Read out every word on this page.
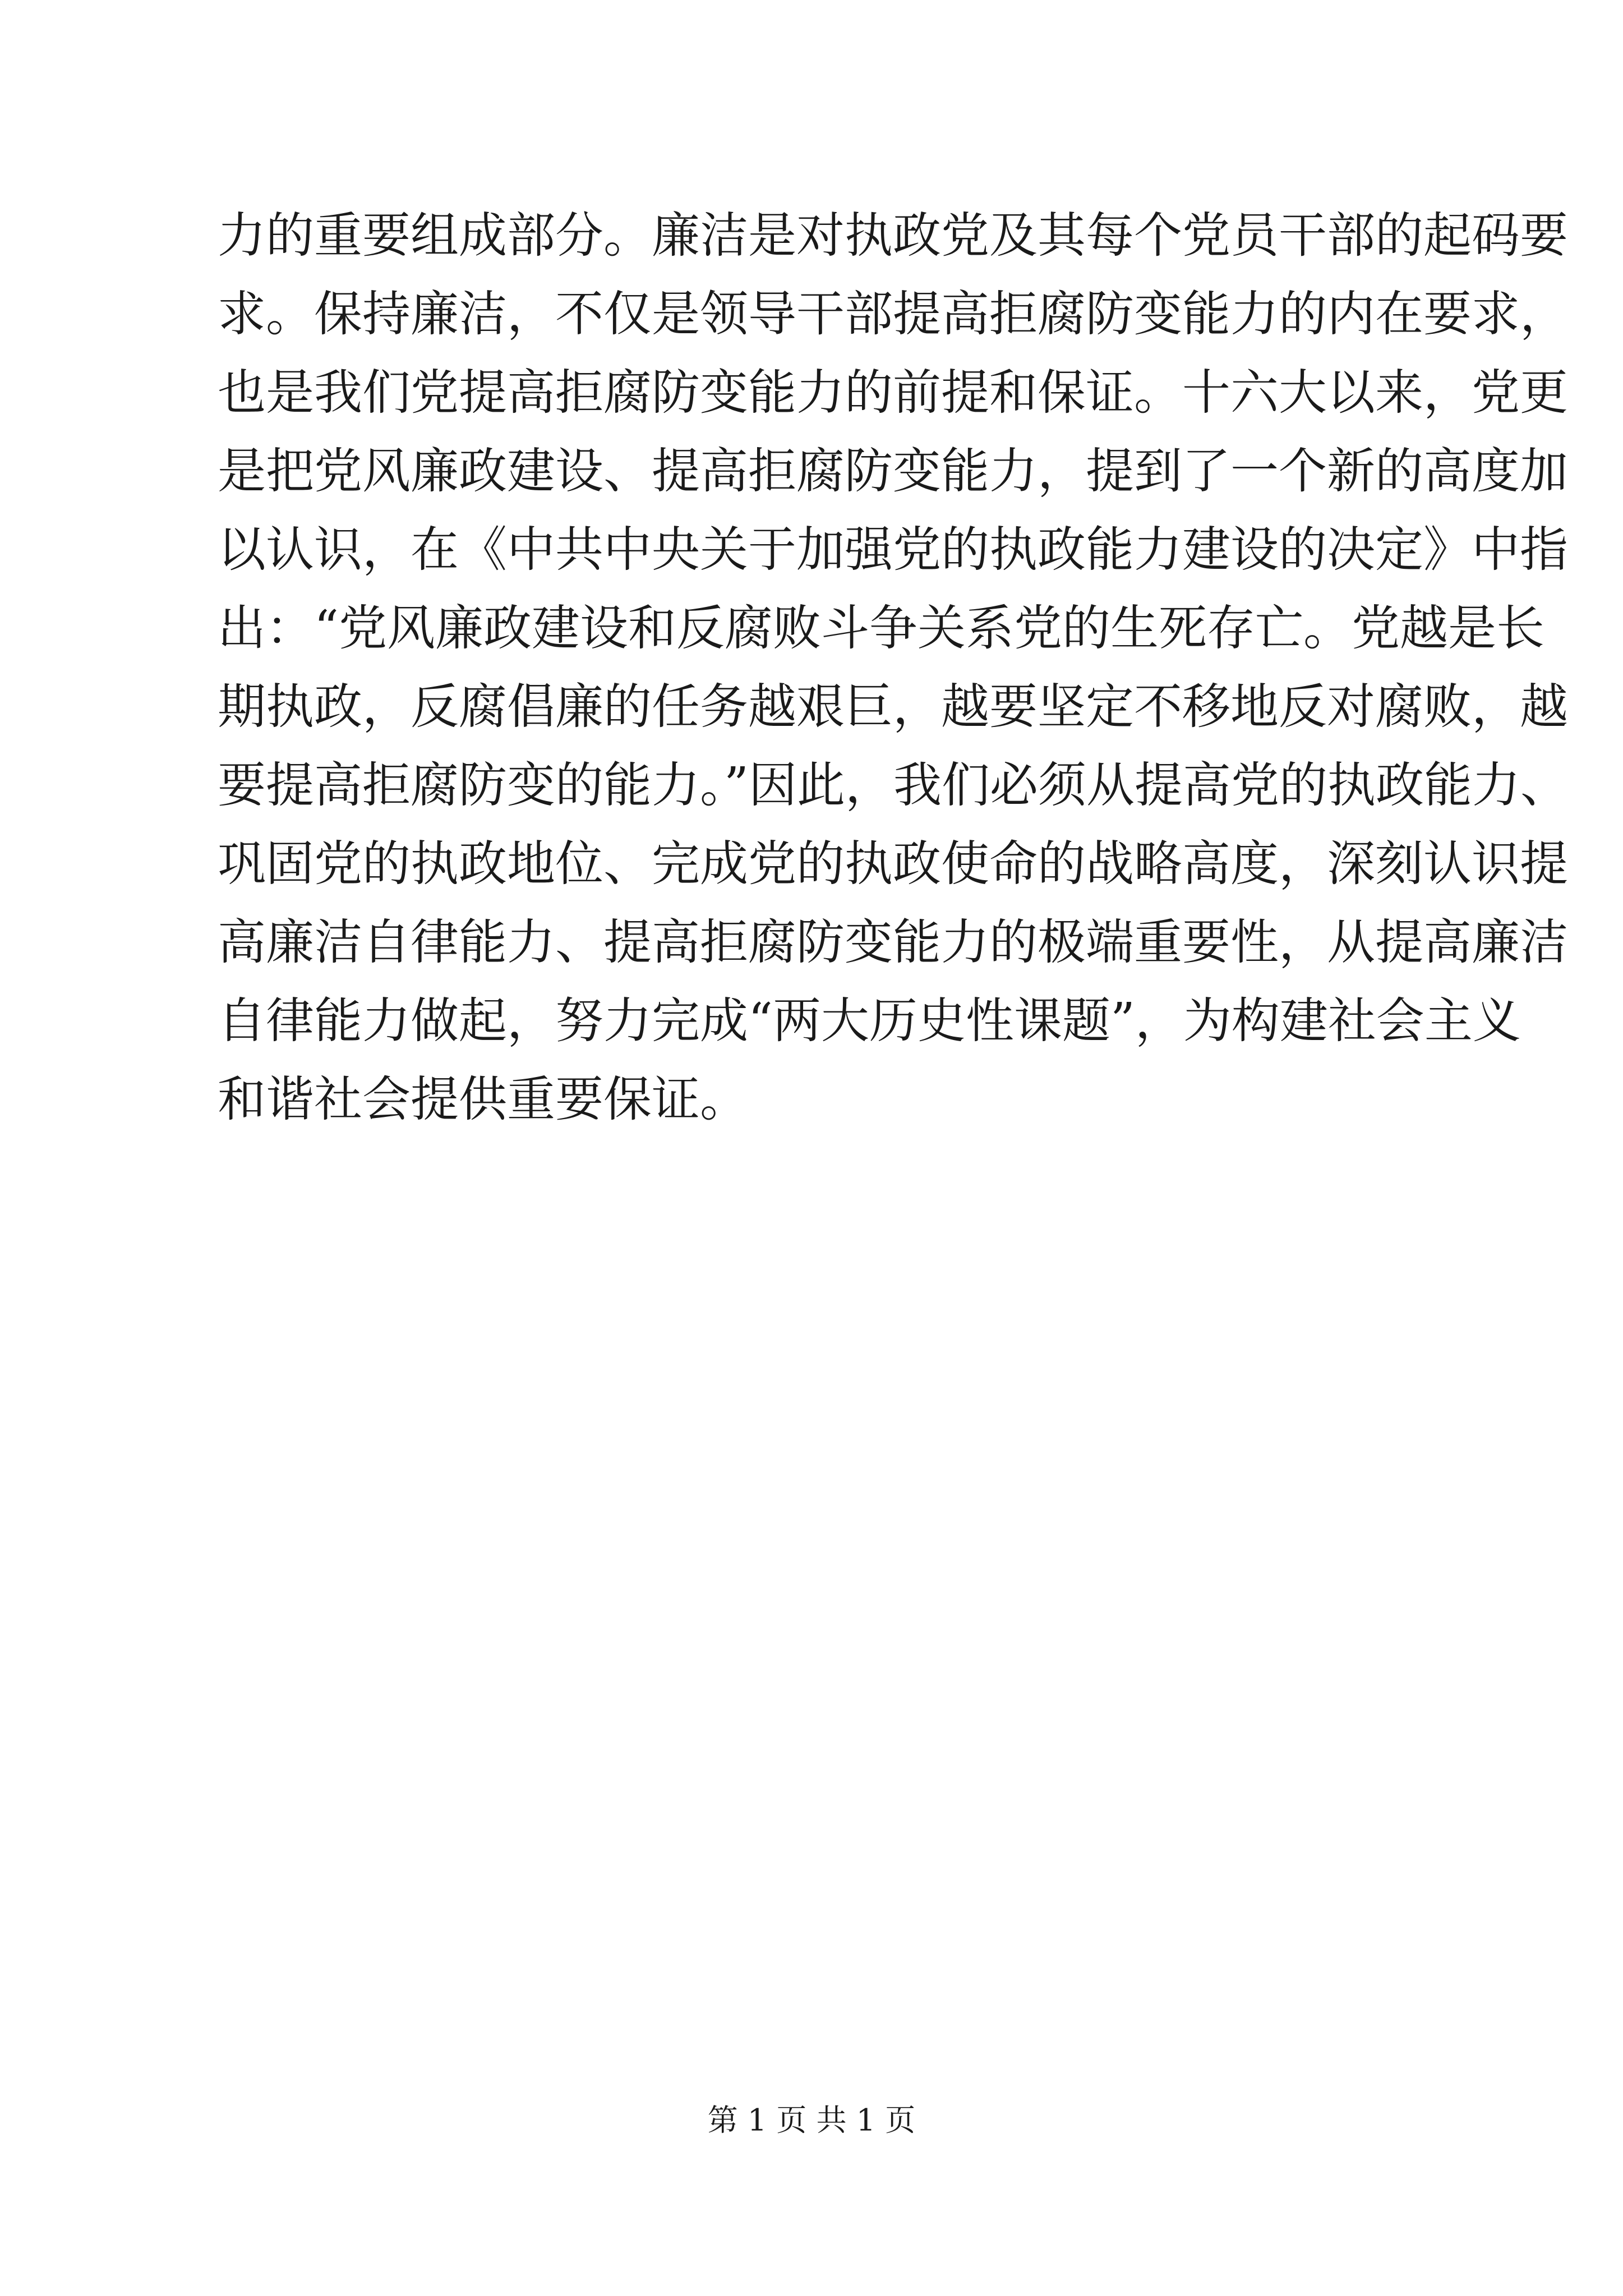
力的重要组成部分。廉洁是对执政党及其每个党员干部的起码要
求。保持廉洁，不仅是领导干部提高拒腐防变能力的内在要求，
也是我们党提高拒腐防变能力的前提和保证。十六大以来，党更
是把党风廉政建设、提高拒腐防变能力，提到了一个新的高度加
以认识，在《中共中央关于加强党的执政能力建设的决定》中指
出：“党风廉政建设和反腐败斗争关系党的生死存亡。党越是长
期执政，反腐倡廉的任务越艰巨，越要坚定不移地反对腐败，越
要提高拒腐防变的能力。”因此，我们必须从提高党的执政能力、
巩固党的执政地位、完成党的执政使命的战略高度，深刻认识提
高廉洁自律能力、提高拒腐防变能力的极端重要性，从提高廉洁
自律能力做起，努力完成“两大历史性课题”，为构建社会主义
和谐社会提供重要保证。
第 1 页 共 1 页
